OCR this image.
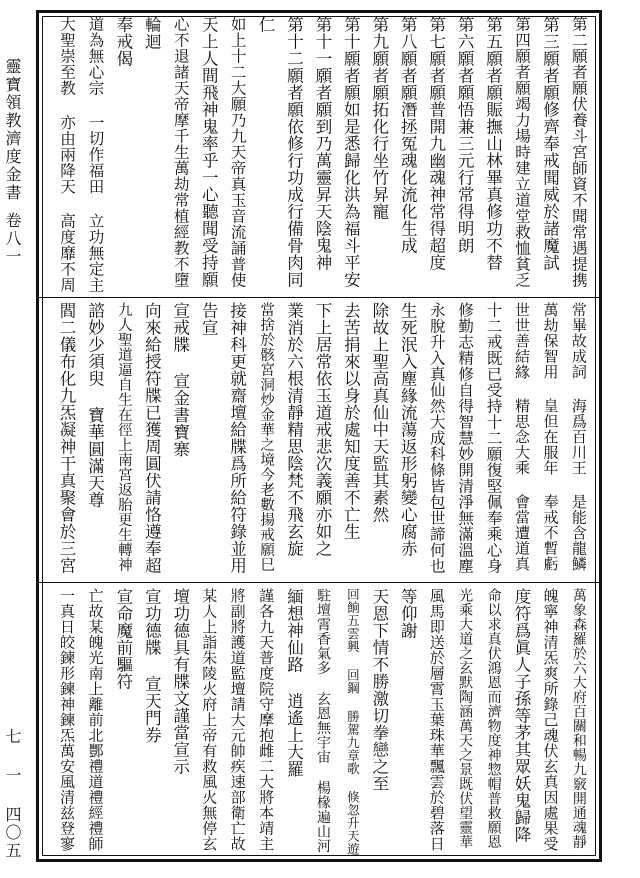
靈寶領教濟度金書
卷八一
七 一 四〇五
第二願者願伏養斗宮師資不聞常遇提携
第三願者願修齊奉戒聞威於諸魔試
第四願者願竭力場時建立道堂救恤貧乏
第五願者願賑撫山林畢真修功不替
第六願者願悟兼三元行常得明朗
第七願者願普開九幽魂神常得超度
第八願者願潛拯冤魂化流化生成
第九願者願拓化行坐竹昇寵
第十願者願如是悉歸化洪為福斗平安
第十一願者願到乃萬靈昇天陰鬼神
第十二願者願依修行功成行備骨肉同
仁
如上十二大願乃九天帝真玉音流誦普使
天上人間飛神鬼率乎一心聽聞受持願
心不退諸天帝摩千生萬劫常植經教不墮
輪迴
奉戒偈
道為無心宗 一切作福田 立功無定主
大聖崇至教 亦由兩降天 高度靡不周
常畢故成詞 海爲百川王 是能含龍鱗
萬劫保智用 皇但在服年 奉戒不暫虧
世世善結緣 精思念大乘 會當遭道真
十二戒既已受持十二願復堅佩奉乘心身
修勤志精修自得智慧妙開清淨無滿溫塵
永脫升入真仙然大成科條皆包世諦何也
生死泯入塵緣流蕩返形躬變心腐赤
除故上聖高真仙中天監其素然
去苦捐來以身於處知度善不亡生
下上居常依玉道戒悲次義願亦如之
業消於六根清靜精思陰梵不飛玄旋
當捨於骸宮洞炒金華之境今老數揚戒願巳
接神科更就齋壇給牒爲所給符錄並用
告宣
宣戒牒 宣金書寶寨
向來給授符牒已獲周圓伏請恪遵奉超
九人聖道逼自生在徑上南宮返胎更生轉神
諮妙少須臾 寶華圓滿天尊
閻二儀布化九炁凝神干真聚會於三宮
萬象森羅於六大府百關和暢九竅開通魂靜
魄寧神清炁爽所錄己魂伏玄真因處果受
度符爲眞人子孫等茅其眾妖鬼歸降
命以求真伏鴻恩而濟物度神惣帽普救願恩
光乘大道之玄默陶涵萬天之景既伏望靈華
風馬即送於層霄玉葉珠華飄雲於碧落日
等仰謝
天恩下情不勝激切拳戀之至
回餉五雲興 回鋼 勝駕九章歌 倏忽升天遊
駐壇霄香氣多 玄恩無宇宙 楊椽遍山河
緬想神仙路 逍遙上大羅
謹各九天普度院守摩抱雌二大將本靖主
將副將護道監壇請大元帥疾速部衛亡故
某人上詣朱陵火府上帝有救風火無停玄
壇功德具有牒文謹當宣示
宣功德牒 宣天門券
宣命魔前驅符
亡故某魄光南上離前北酆禮道禮經禮師
一真日皎鍊形鍊神鍊炁萬安風清兹登寥
